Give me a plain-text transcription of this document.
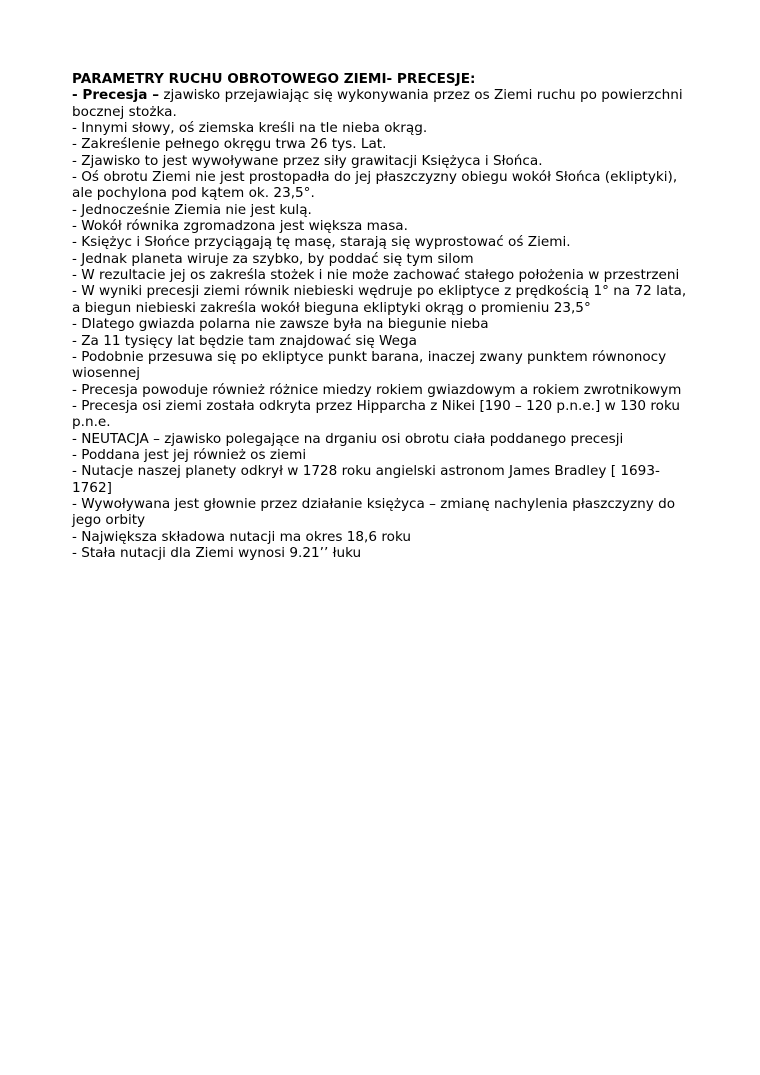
PARAMETRY RUCHU OBROTOWEGO ZIEMI- PRECESJE:

- Precesja – zjawisko przejawiając się wykonywania przez os Ziemi ruchu po powierzchni bocznej stożka.

- Innymi słowy, oś ziemska kreśli na tle nieba okrąg.

- Zakreślenie pełnego okręgu trwa 26 tys. Lat.

- Zjawisko to jest wywoływane przez siły grawitacji Księżyca i Słońca.

- Oś obrotu Ziemi nie jest prostopadła do jej płaszczyzny obiegu wokół Słońca (ekliptyki), ale pochylona pod kątem ok. 23,5°.

- Jednocześnie Ziemia nie jest kulą.

- Wokół równika zgromadzona jest większa masa.

- Księżyc i Słońce przyciągają tę masę, starają się wyprostować oś Ziemi.

- Jednak planeta wiruje za szybko, by poddać się tym silom

- W rezultacie jej os zakreśla stożek i nie może zachować stałego położenia w przestrzeni

- W wyniki precesji ziemi równik niebieski wędruje po ekliptyce z prędkością 1° na 72 lata, a biegun niebieski zakreśla wokół bieguna ekliptyki okrąg o promieniu 23,5°

- Dlatego gwiazda polarna nie zawsze była na biegunie nieba

- Za 11 tysięcy lat będzie tam znajdować się Wega

- Podobnie przesuwa się po ekliptyce punkt barana, inaczej zwany punktem równonocy wiosennej

- Precesja powoduje również różnice miedzy rokiem gwiazdowym a rokiem zwrotnikowym

- Precesja osi ziemi została odkryta przez Hipparcha z Nikei [190 – 120 p.n.e.] w 130 roku p.n.e.

- NEUTACJA – zjawisko polegające na drganiu osi obrotu ciała poddanego precesji

- Poddana jest jej również os ziemi

- Nutacje naszej planety odkrył w 1728 roku angielski astronom James Bradley [ 1693-1762]

- Wywoływana jest głownie przez działanie księżyca – zmianę nachylenia płaszczyzny do jego orbity

- Największa składowa nutacji ma okres 18,6 roku

- Stała nutacji dla Ziemi wynosi 9.21’’ łuku
